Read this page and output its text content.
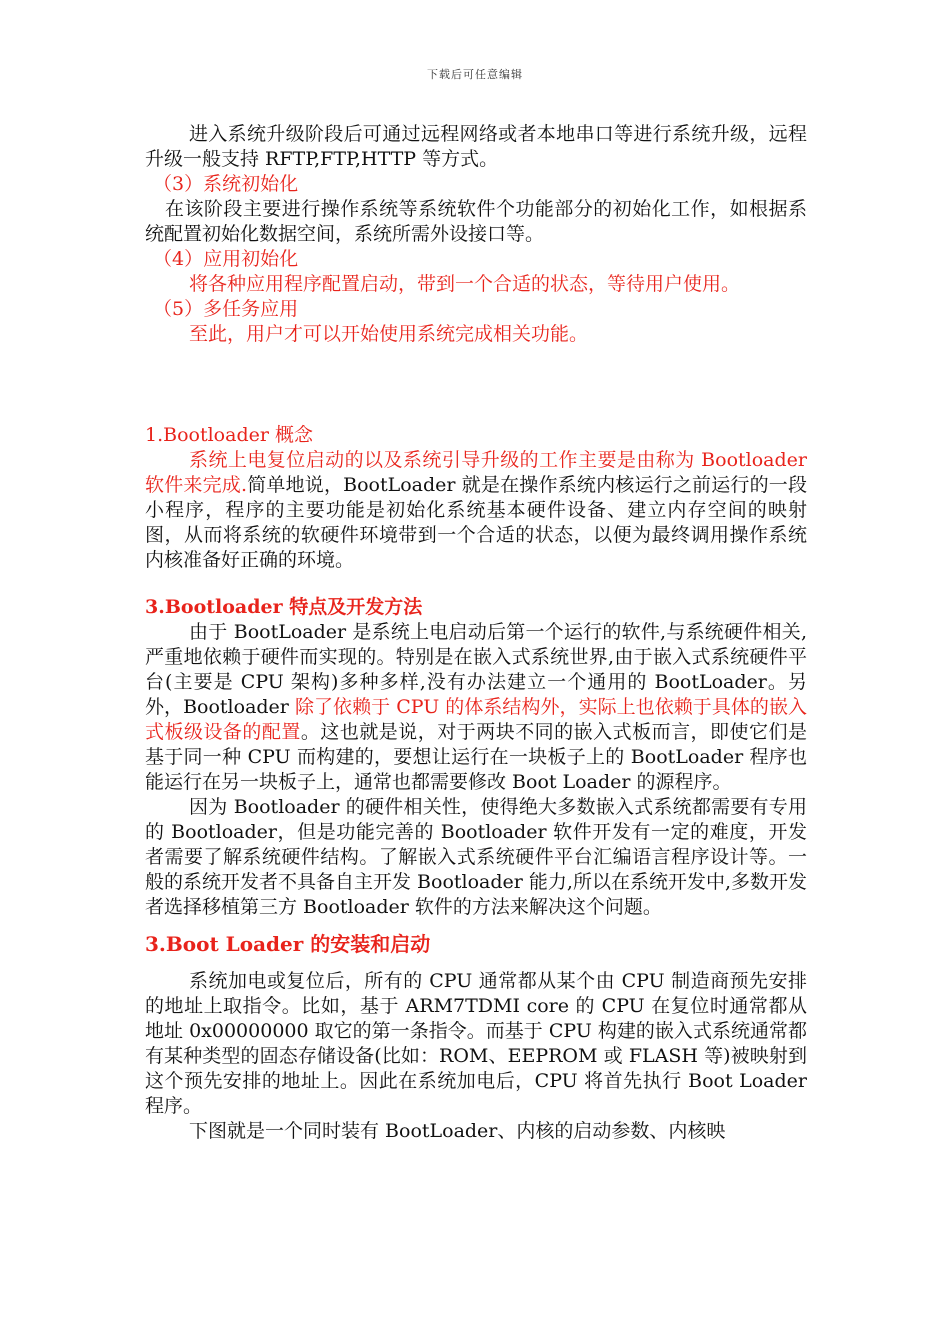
下载后可任意编辑

进入系统升级阶段后可通过远程网络或者本地串口等进行系统升级，远程升级一般支持 RFTP,FTP,HTTP 等方式。

（3）系统初始化

在该阶段主要进行操作系统等系统软件个功能部分的初始化工作，如根据系统配置初始化数据空间，系统所需外设接口等。

（4）应用初始化

将各种应用程序配置启动，带到一个合适的状态，等待用户使用。

（5）多任务应用

至此，用户才可以开始使用系统完成相关功能。

1.Bootloader 概念

系统上电复位启动的以及系统引导升级的工作主要是由称为 Bootloader 软件来完成.简单地说，BootLoader 就是在操作系统内核运行之前运行的一段小程序，程序的主要功能是初始化系统基本硬件设备、建立内存空间的映射图，从而将系统的软硬件环境带到一个合适的状态，以便为最终调用操作系统内核准备好正确的环境。

3.Bootloader 特点及开发方法

由于 BootLoader 是系统上电启动后第一个运行的软件,与系统硬件相关,严重地依赖于硬件而实现的。特别是在嵌入式系统世界,由于嵌入式系统硬件平台(主要是 CPU 架构)多种多样,没有办法建立一个通用的 BootLoader。另外，Bootloader 除了依赖于 CPU 的体系结构外，实际上也依赖于具体的嵌入式板级设备的配置。这也就是说，对于两块不同的嵌入式板而言，即使它们是基于同一种 CPU 而构建的，要想让运行在一块板子上的 BootLoader 程序也能运行在另一块板子上，通常也都需要修改 Boot Loader 的源程序。

因为 Bootloader 的硬件相关性，使得绝大多数嵌入式系统都需要有专用的 Bootloader，但是功能完善的 Bootloader 软件开发有一定的难度，开发者需要了解系统硬件结构。了解嵌入式系统硬件平台汇编语言程序设计等。一般的系统开发者不具备自主开发 Bootloader 能力,所以在系统开发中,多数开发者选择移植第三方 Bootloader 软件的方法来解决这个问题。

3.Boot Loader 的安装和启动

系统加电或复位后，所有的 CPU 通常都从某个由 CPU 制造商预先安排的地址上取指令。比如，基于 ARM7TDMI core 的 CPU 在复位时通常都从地址 0x00000000 取它的第一条指令。而基于 CPU 构建的嵌入式系统通常都有某种类型的固态存储设备(比如：ROM、EEPROM 或 FLASH 等)被映射到这个预先安排的地址上。因此在系统加电后，CPU 将首先执行 Boot Loader 程序。

下图就是一个同时装有 BootLoader、内核的启动参数、内核映
